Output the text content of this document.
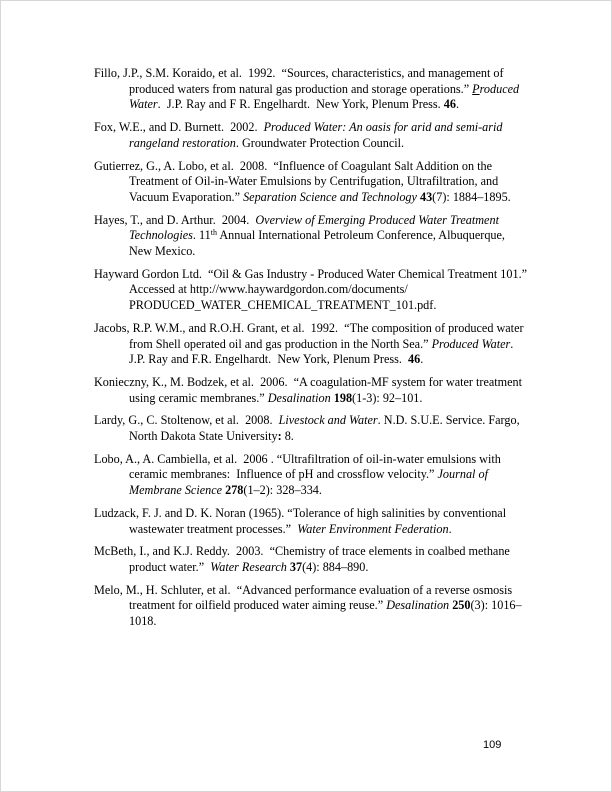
Fillo, J.P., S.M. Koraido, et al.  1992.  “Sources, characteristics, and management of produced waters from natural gas production and storage operations.” Produced Water.  J.P. Ray and F R. Engelhardt.  New York, Plenum Press. 46.

Fox, W.E., and D. Burnett.  2002.  Produced Water: An oasis for arid and semi-arid rangeland restoration. Groundwater Protection Council.

Gutierrez, G., A. Lobo, et al.  2008.  “Influence of Coagulant Salt Addition on the Treatment of Oil-in-Water Emulsions by Centrifugation, Ultrafiltration, and Vacuum Evaporation.” Separation Science and Technology 43(7): 1884–1895.

Hayes, T., and D. Arthur.  2004.  Overview of Emerging Produced Water Treatment Technologies. 11th Annual International Petroleum Conference, Albuquerque, New Mexico.

Hayward Gordon Ltd.  “Oil & Gas Industry - Produced Water Chemical Treatment 101.” Accessed at http://www.haywardgordon.com/documents/ PRODUCED_WATER_CHEMICAL_TREATMENT_101.pdf.

Jacobs, R.P. W.M., and R.O.H. Grant, et al.  1992.  “The composition of produced water from Shell operated oil and gas production in the North Sea.” Produced Water.  J.P. Ray and F.R. Engelhardt.  New York, Plenum Press.  46.

Konieczny, K., M. Bodzek, et al.  2006.  “A coagulation-MF system for water treatment using ceramic membranes.” Desalination 198(1-3): 92–101.

Lardy, G., C. Stoltenow, et al.  2008.  Livestock and Water. N.D. S.U.E. Service. Fargo, North Dakota State University: 8.

Lobo, A., A. Cambiella, et al.  2006 . “Ultrafiltration of oil-in-water emulsions with ceramic membranes:  Influence of pH and crossflow velocity.” Journal of Membrane Science 278(1–2): 328–334.

Ludzack, F. J. and D. K. Noran (1965). “Tolerance of high salinities by conventional wastewater treatment processes.”  Water Environment Federation.

McBeth, I., and K.J. Reddy.  2003.  “Chemistry of trace elements in coalbed methane product water.”  Water Research 37(4): 884–890.

Melo, M., H. Schluter, et al.  “Advanced performance evaluation of a reverse osmosis treatment for oilfield produced water aiming reuse.” Desalination 250(3): 1016–1018.

109
